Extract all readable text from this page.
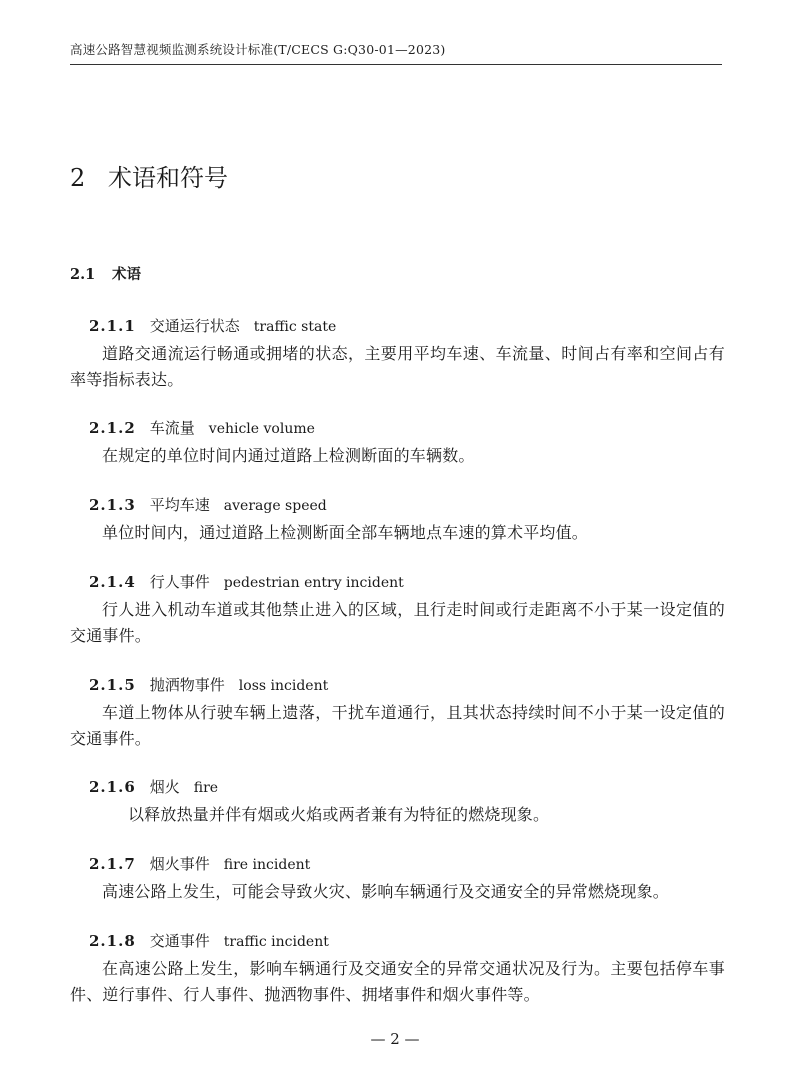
高速公路智慧视频监测系统设计标准(T/CECS G:Q30-01—2023)
2 术语和符号
2.1 术语
2.1.1 交通运行状态 traffic state
道路交通流运行畅通或拥堵的状态，主要用平均车速、车流量、时间占有率和空间占有率等指标表达。
2.1.2 车流量 vehicle volume
在规定的单位时间内通过道路上检测断面的车辆数。
2.1.3 平均车速 average speed
单位时间内，通过道路上检测断面全部车辆地点车速的算术平均值。
2.1.4 行人事件 pedestrian entry incident
行人进入机动车道或其他禁止进入的区域，且行走时间或行走距离不小于某一设定值的交通事件。
2.1.5 抛洒物事件 loss incident
车道上物体从行驶车辆上遗落，干扰车道通行，且其状态持续时间不小于某一设定值的交通事件。
2.1.6 烟火 fire
以释放热量并伴有烟或火焰或两者兼有为特征的燃烧现象。
2.1.7 烟火事件 fire incident
高速公路上发生，可能会导致火灾、影响车辆通行及交通安全的异常燃烧现象。
2.1.8 交通事件 traffic incident
在高速公路上发生，影响车辆通行及交通安全的异常交通状况及行为。主要包括停车事件、逆行事件、行人事件、抛洒物事件、拥堵事件和烟火事件等。
— 2 —
